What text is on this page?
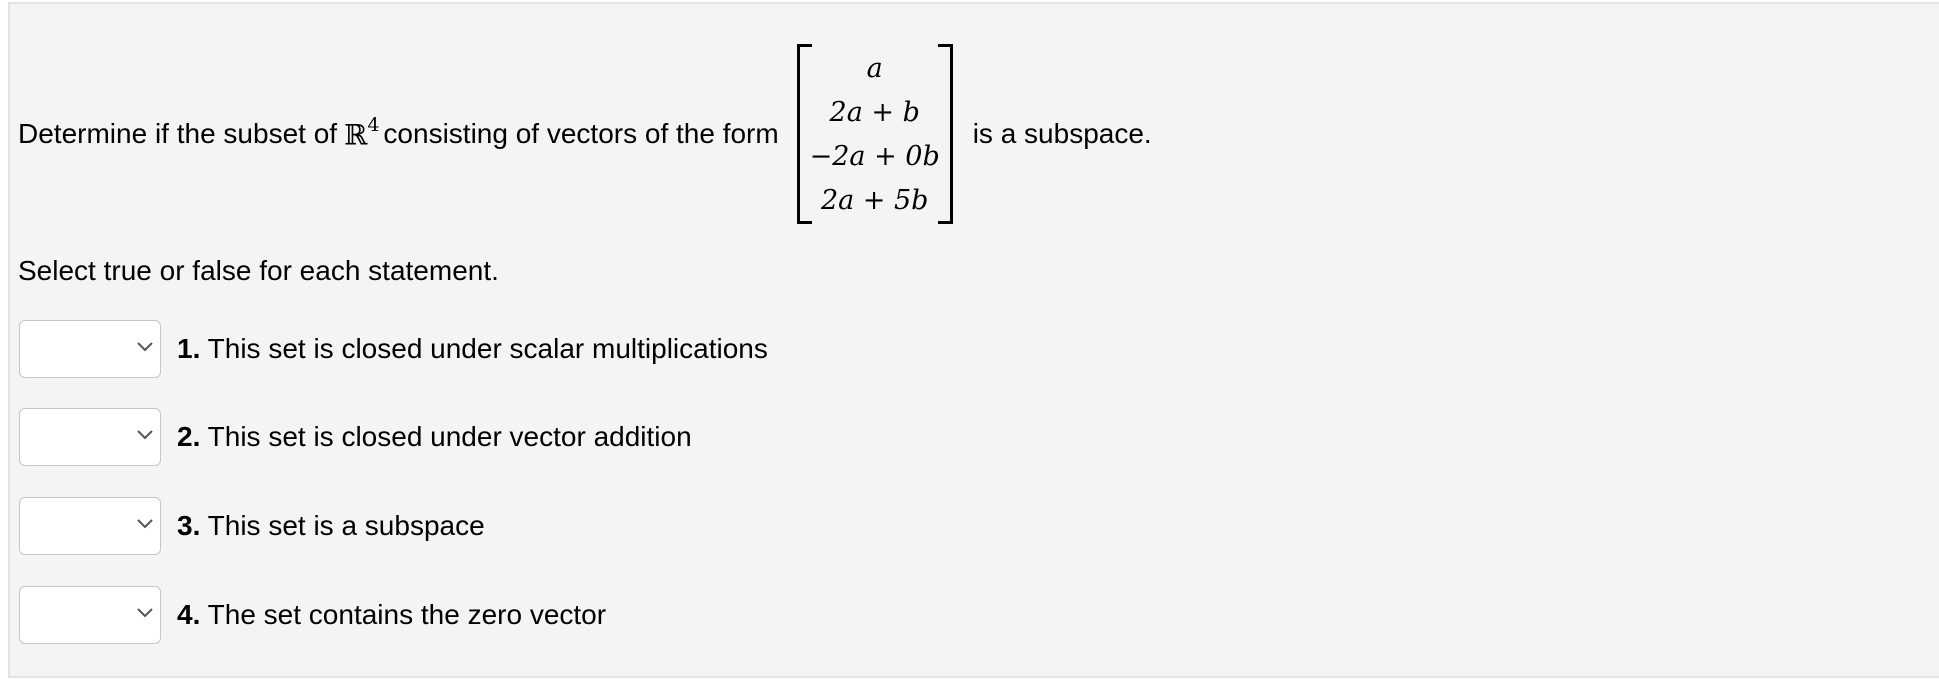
Determine if the subset of ℝ$^4$ consisting of vectors of the form
a
2a + b
−2a + 0b
2a + 5b
is a subspace.
Select true or false for each statement.
1. This set is closed under scalar multiplications
2. This set is closed under vector addition
3. This set is a subspace
4. The set contains the zero vector
